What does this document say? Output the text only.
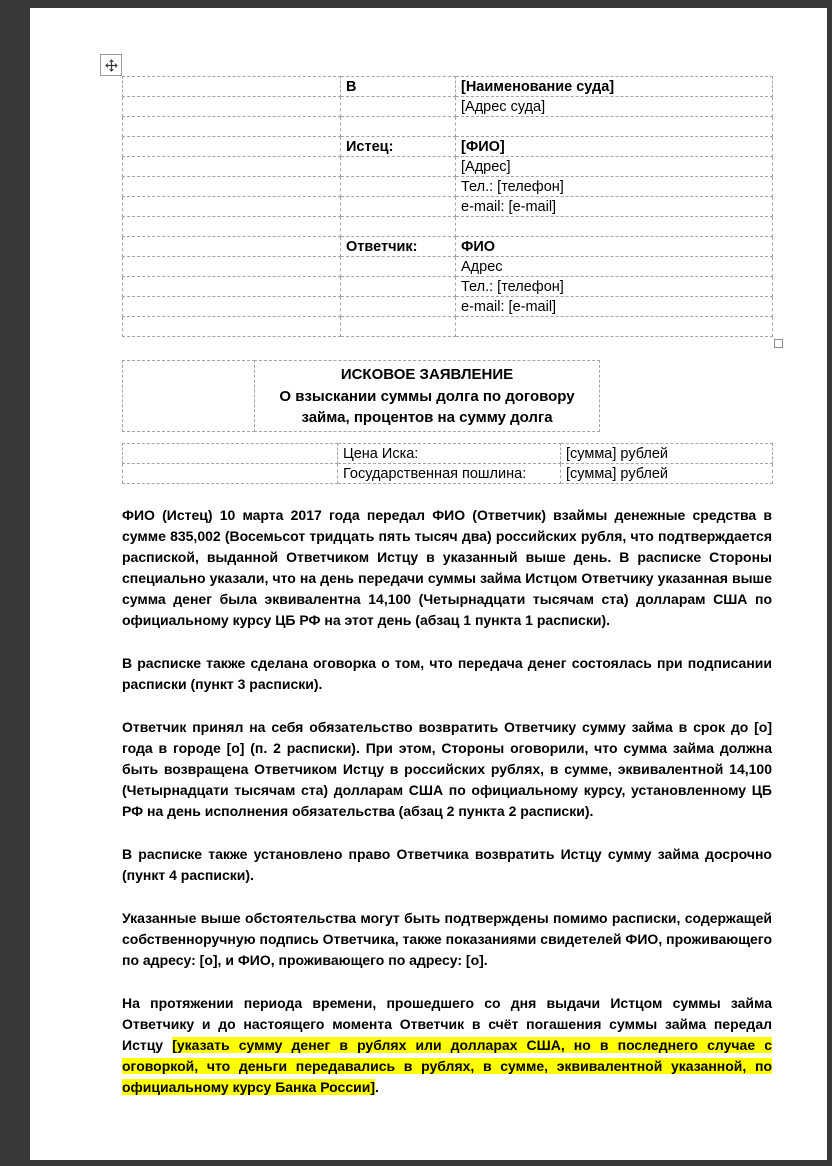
	В	[Наименование суда]
		[Адрес суда]

	Истец:	[ФИО]
		[Адрес]
		Тел.: [телефон]
		e-mail: [e-mail]

	Ответчик:	ФИО
		Адрес
		Тел.: [телефон]
		e-mail: [e-mail]

ИСКОВОЕ ЗАЯВЛЕНИЕ
О взыскании суммы долга по договору
займа, процентов на сумму долга
	Цена Иска:	[сумма] рублей
	Государственная пошлина:	[сумма] рублей

ФИО (Истец) 10 марта 2017 года передал ФИО (Ответчик) взаймы денежные средства в сумме 835,002 (Восемьсот тридцать пять тысяч два) российских рубля, что подтверждается распиской, выданной Ответчиком Истцу в указанный выше день. В расписке Стороны специально указали, что на день передачи суммы займа Истцом Ответчику указанная выше сумма денег была эквивалентна 14,100 (Четырнадцати тысячам ста) долларам США по официальному курсу ЦБ РФ на этот день (абзац 1 пункта 1 расписки).

В расписке также сделана оговорка о том, что передача денег состоялась при подписании расписки (пункт 3 расписки).

Ответчик принял на себя обязательство возвратить Ответчику сумму займа в срок до [о] года в городе [о] (п. 2 расписки). При этом, Стороны оговорили, что сумма займа должна быть возвращена Ответчиком Истцу в российских рублях, в сумме, эквивалентной 14,100 (Четырнадцати тысячам ста) долларам США по официальному курсу, установленному ЦБ РФ на день исполнения обязательства (абзац 2 пункта 2 расписки).

В расписке также установлено право Ответчика возвратить Истцу сумму займа досрочно (пункт 4 расписки).

Указанные выше обстоятельства могут быть подтверждены помимо расписки, содержащей собственноручную подпись Ответчика, также показаниями свидетелей ФИО, проживающего по адресу: [о], и ФИО, проживающего по адресу: [о].

На протяжении периода времени, прошедшего со дня выдачи Истцом суммы займа Ответчику и до настоящего момента Ответчик в счёт погашения суммы займа передал Истцу [указать сумму денег в рублях или долларах США, но в последнего случае с оговоркой, что деньги передавались в рублях, в сумме, эквивалентной указанной, по официальному курсу Банка России].
